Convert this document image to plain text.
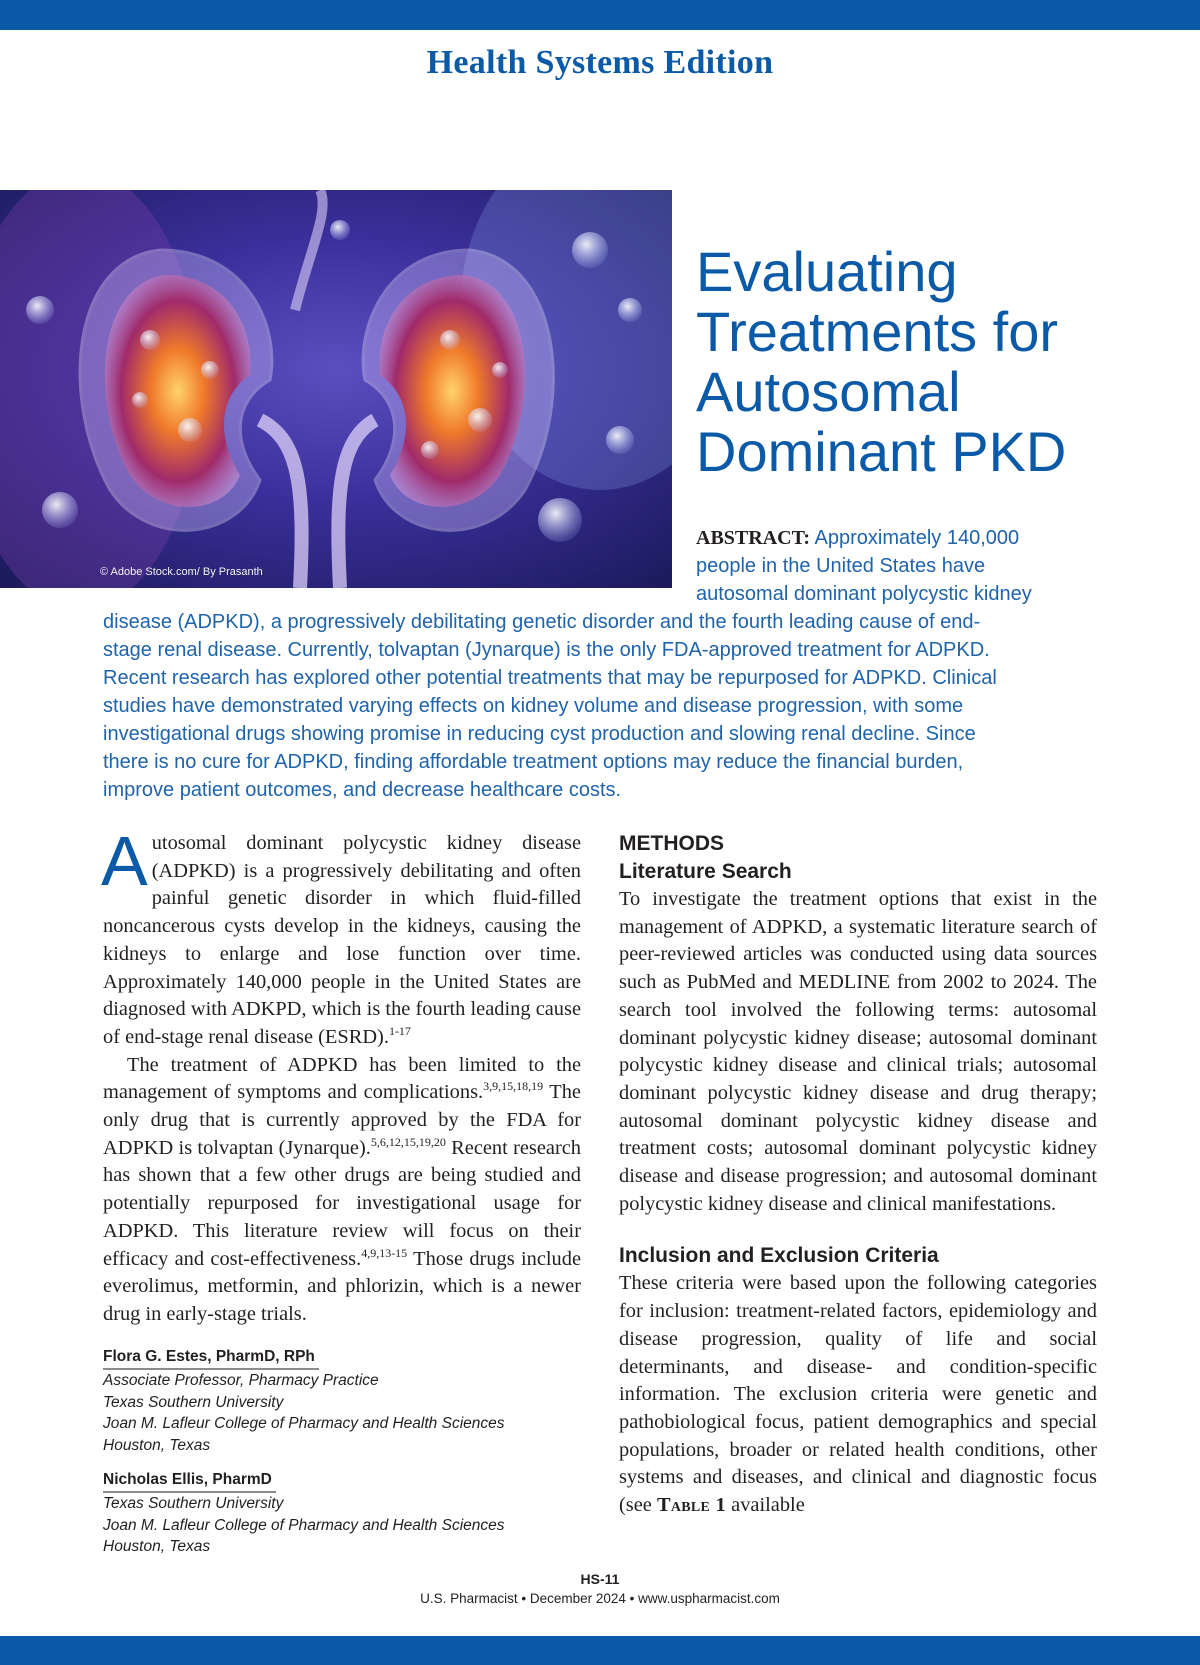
Health Systems Edition
© Adobe Stock.com/ By Prasanth
Evaluating
Treatments for
Autosomal
Dominant PKD
ABSTRACT: Approximately 140,000
people in the United States have
autosomal dominant polycystic kidney
disease (ADPKD), a progressively debilitating genetic disorder and the fourth leading cause of end-
stage renal disease. Currently, tolvaptan (Jynarque) is the only FDA-approved treatment for ADPKD.
Recent research has explored other potential treatments that may be repurposed for ADPKD. Clinical
studies have demonstrated varying effects on kidney volume and disease progression, with some
investigational drugs showing promise in reducing cyst production and slowing renal decline. Since
there is no cure for ADPKD, finding affordable treatment options may reduce the financial burden,
improve patient outcomes, and decrease healthcare costs.

Autosomal dominant polycystic kidney disease (ADPKD) is a progressively debilitating and often painful genetic disorder in which fluid-filled noncancerous cysts develop in the kidneys, causing the kidneys to enlarge and lose function over time. Approximately 140,000 people in the United States are diagnosed with ADKPD, which is the fourth leading cause of end-stage renal disease (ESRD).$^{1-17}$

The treatment of ADPKD has been limited to the management of symptoms and complications.$^{3,9,15,18,19}$ The only drug that is currently approved by the FDA for ADPKD is tolvaptan (Jynarque).$^{5,6,12,15,19,20}$ Recent research has shown that a few other drugs are being studied and potentially repurposed for investigational usage for ADPKD. This literature review will focus on their efficacy and cost-effectiveness.$^{4,9,13-15}$ Those drugs include everolimus, metformin, and phlorizin, which is a newer drug in early-stage trials.

Flora G. Estes, PharmD, RPh
Associate Professor, Pharmacy Practice
Texas Southern University
Joan M. Lafleur College of Pharmacy and Health Sciences
Houston, Texas
Nicholas Ellis, PharmD
Texas Southern University
Joan M. Lafleur College of Pharmacy and Health Sciences
Houston, Texas
METHODS
Literature Search

To investigate the treatment options that exist in the management of ADPKD, a systematic literature search of peer-reviewed articles was conducted using data sources such as PubMed and MEDLINE from 2002 to 2024. The search tool involved the following terms: autosomal dominant polycystic kidney disease; autosomal dominant polycystic kidney disease and clinical trials; autosomal dominant polycystic kidney disease and drug therapy; autosomal dominant polycystic kidney disease and treatment costs; autosomal dominant polycystic kidney disease and disease progression; and autosomal dominant polycystic kidney disease and clinical manifestations.

Inclusion and Exclusion Criteria

These criteria were based upon the following categories for inclusion: treatment-related factors, epidemiology and disease progression, quality of life and social determinants, and disease- and condition-specific information. The exclusion criteria were genetic and pathobiological focus, patient demographics and special populations, broader or related health conditions, other systems and diseases, and clinical and diagnostic focus (see Table 1 available

HS-11
U.S. Pharmacist • December 2024 • www.uspharmacist.com
